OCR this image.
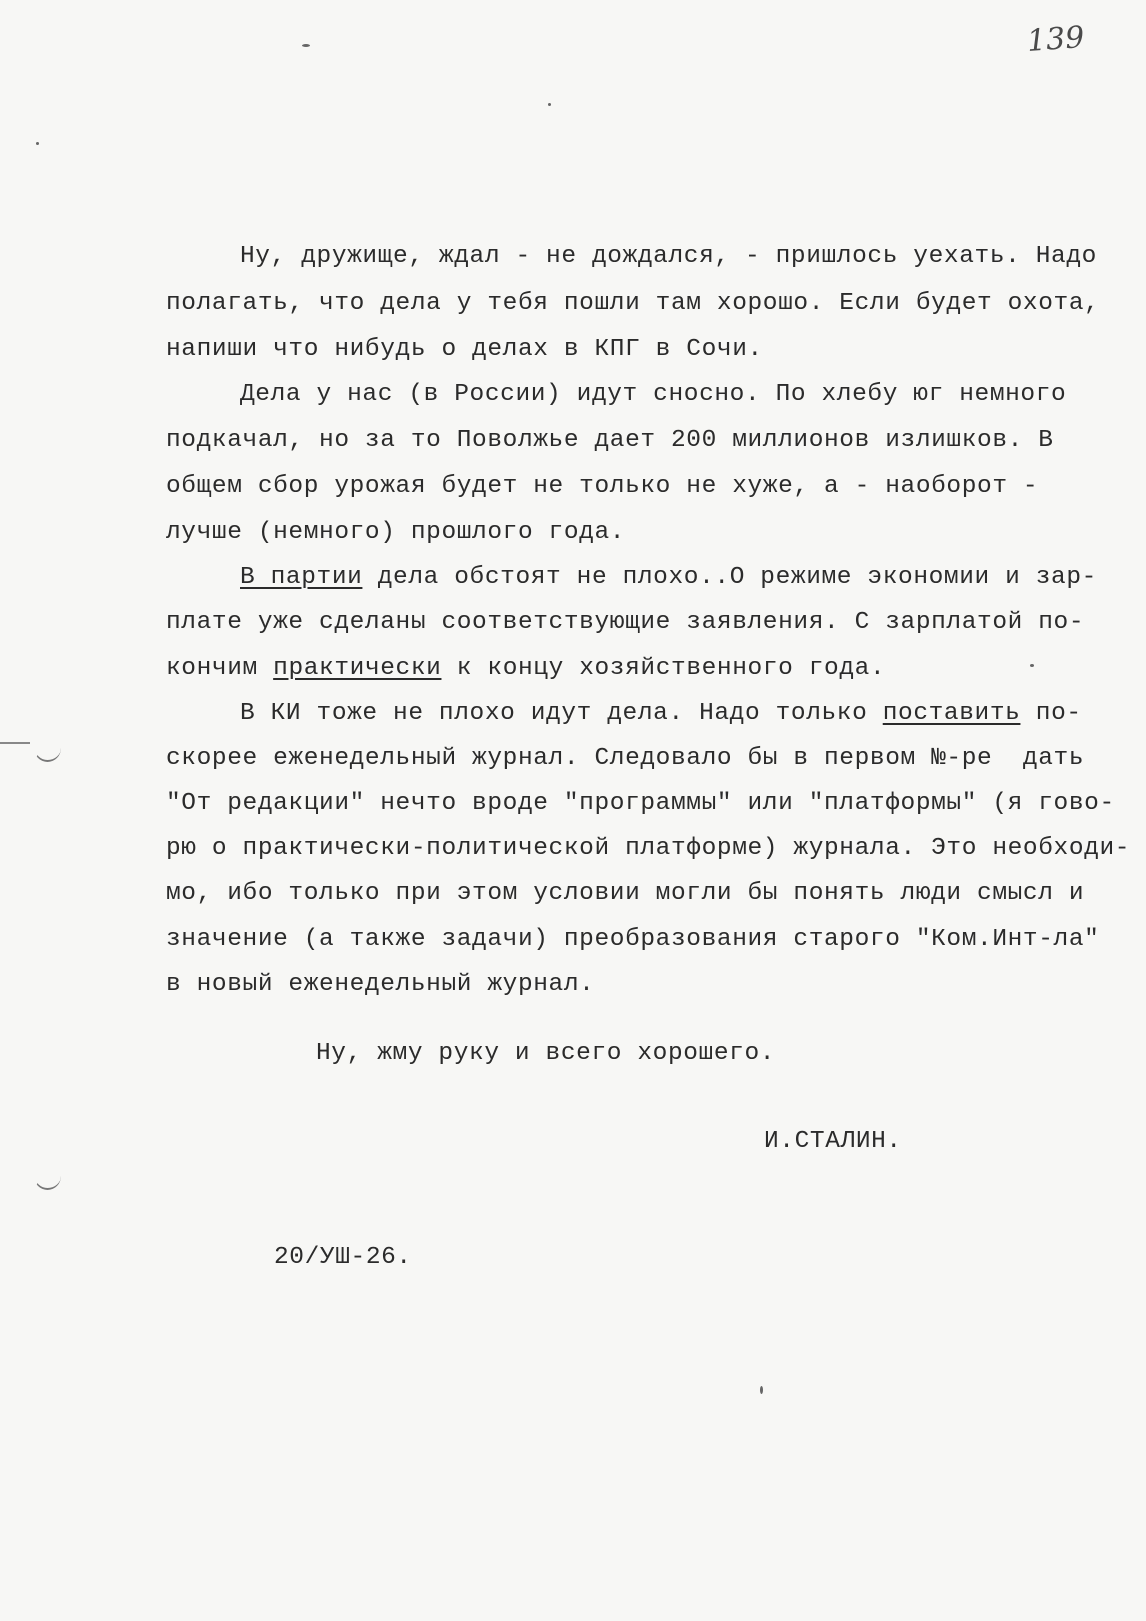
139
Ну, дружище, ждал - не дождался, - пришлось уехать. Надо
полагать, что дела у тебя пошли там хорошо. Если будет охота,
напиши что нибудь о делах в КПГ в Сочи.
Дела у нас (в России) идут сносно. По хлебу юг немного
подкачал, но за то Поволжье дает 200 миллионов излишков. В
общем сбор урожая будет не только не хуже, а - наоборот -
лучше (немного) прошлого года.
В партии дела обстоят не плохо..О режиме экономии и зар-
плате уже сделаны соответствующие заявления. С зарплатой по-
кончим практически к концу хозяйственного года.
В КИ тоже не плохо идут дела. Надо только поставить по-
скорее еженедельный журнал. Следовало бы в первом №-ре  дать
"От редакции" нечто вроде "программы" или "платформы" (я гово-
рю о практически-политической платформе) журнала. Это необходи-
мо, ибо только при этом условии могли бы понять люди смысл и
значение (а также задачи) преобразования старого "Ком.Инт-ла"
в новый еженедельный журнал.
Ну, жму руку и всего хорошего.
И.СТАЛИН.
20/УШ-26.
